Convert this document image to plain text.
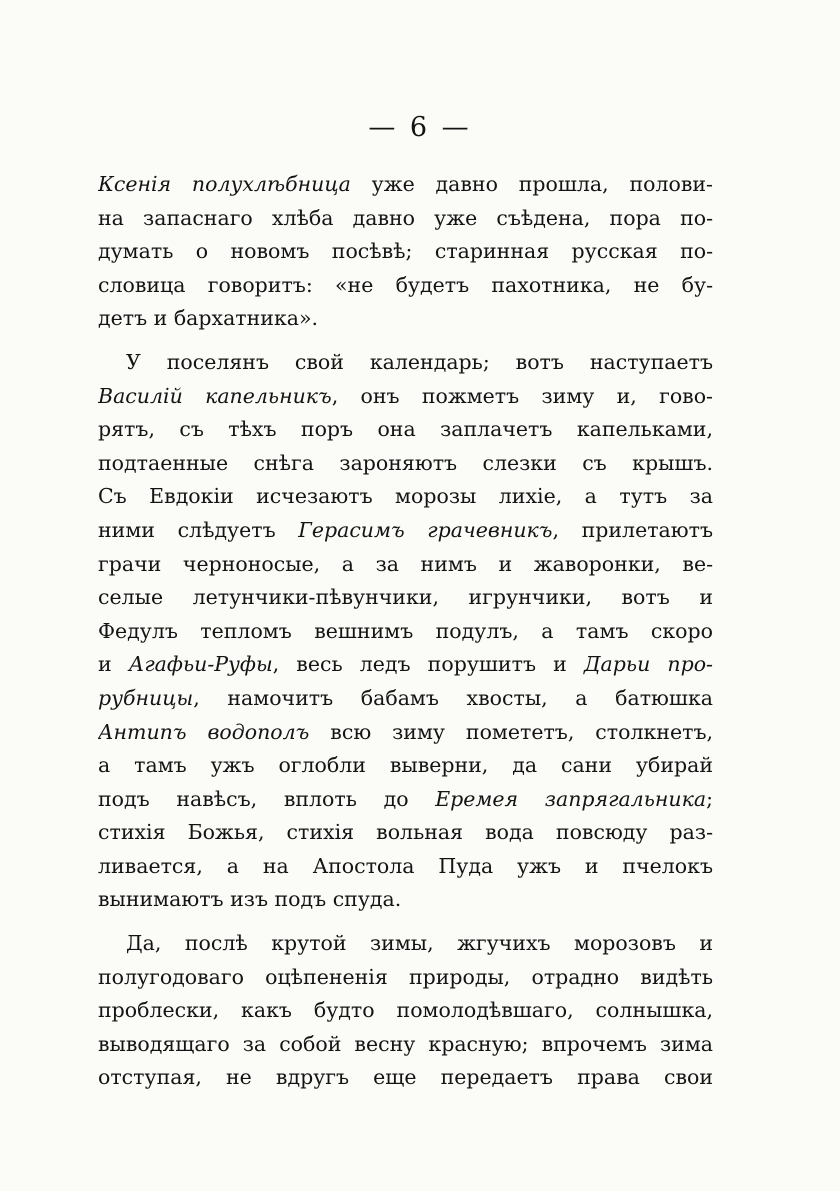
— 6 —
Ксенія полухлѣбница уже давно прошла, полови-
на запаснаго хлѣба давно уже съѣдена, пора по-
думать о новомъ посѣвѣ; старинная русская по-
словица говоритъ: «не будетъ пахотника, не бу-
детъ и бархатника».
У поселянъ свой календарь; вотъ наступаетъ
Василій капельникъ, онъ пожметъ зиму и, гово-
рятъ, съ тѣхъ поръ она заплачетъ капельками,
подтаенные снѣга зароняютъ слезки съ крышъ.
Съ Евдокіи исчезаютъ морозы лихіе, а тутъ за
ними слѣдуетъ Герасимъ грачевникъ, прилетаютъ
грачи черноносые, а за нимъ и жаворонки, ве-
селые летунчики-пѣвунчики, игрунчики, вотъ и
Федулъ тепломъ вешнимъ подулъ, а тамъ скоро
и Агафьи-Руфы, весь ледъ порушитъ и Дарьи про-
рубницы, намочитъ бабамъ хвосты, а батюшка
Антипъ водополъ всю зиму помететъ, столкнетъ,
а тамъ ужъ оглобли выверни, да сани убирай
подъ навѣсъ, вплоть до Еремея запрягальника;
стихія Божья, стихія вольная вода повсюду раз-
ливается, а на Апостола Пуда ужъ и пчелокъ
вынимаютъ изъ подъ спуда.
Да, послѣ крутой зимы, жгучихъ морозовъ и
полугодоваго оцѣпененія природы, отрадно видѣть
проблески, какъ будто помолодѣвшаго, солнышка,
выводящаго за собой весну красную; впрочемъ зима
отступая, не вдругъ еще передаетъ права свои
